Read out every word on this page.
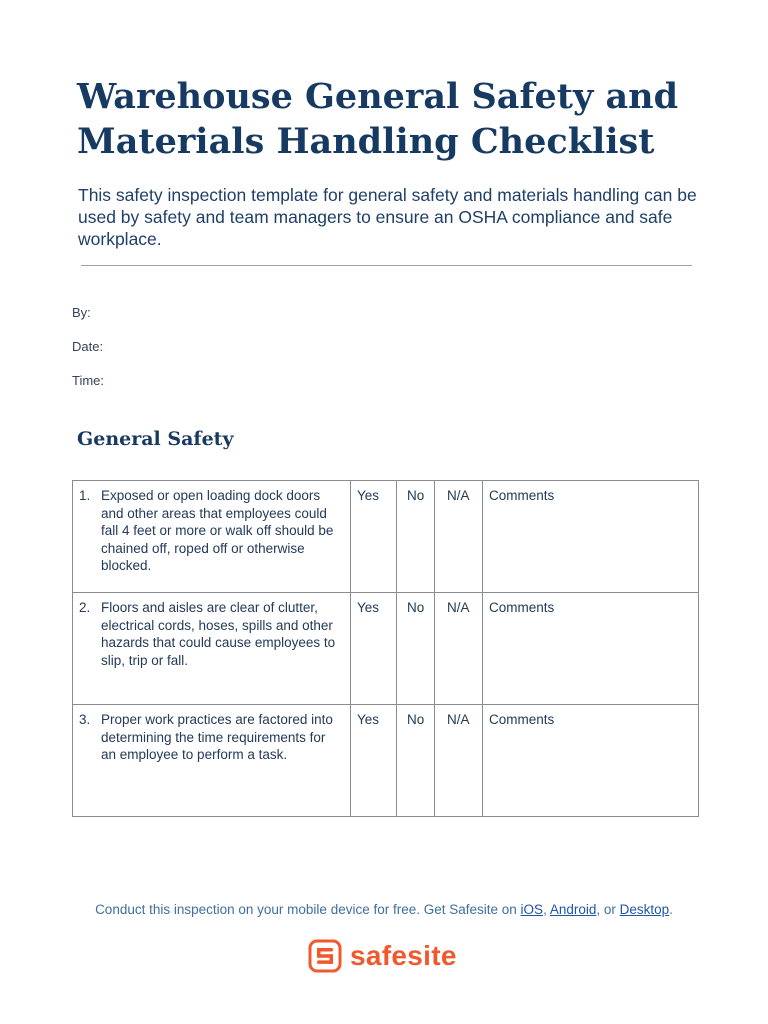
Warehouse General Safety and
Materials Handling Checklist

This safety inspection template for general safety and materials handling can be used by safety and team managers to ensure an OSHA compliance and safe workplace.

By:
Date:
Time:
General Safety
1. Exposed or open loading dock doors and other areas that employees could fall 4 feet or more or walk off should be chained off, roped off or otherwise blocked.	Yes	No	N/A	Comments

2. Floors and aisles are clear of clutter, electrical cords, hoses, spills and other hazards that could cause employees to slip, trip or fall.	Yes	No	N/A	Comments

3. Proper work practices are factored into determining the time requirements for an employee to perform a task.	Yes	No	N/A	Comments
Conduct this inspection on your mobile device for free. Get Safesite on iOS, Android, or Desktop.
safesite
